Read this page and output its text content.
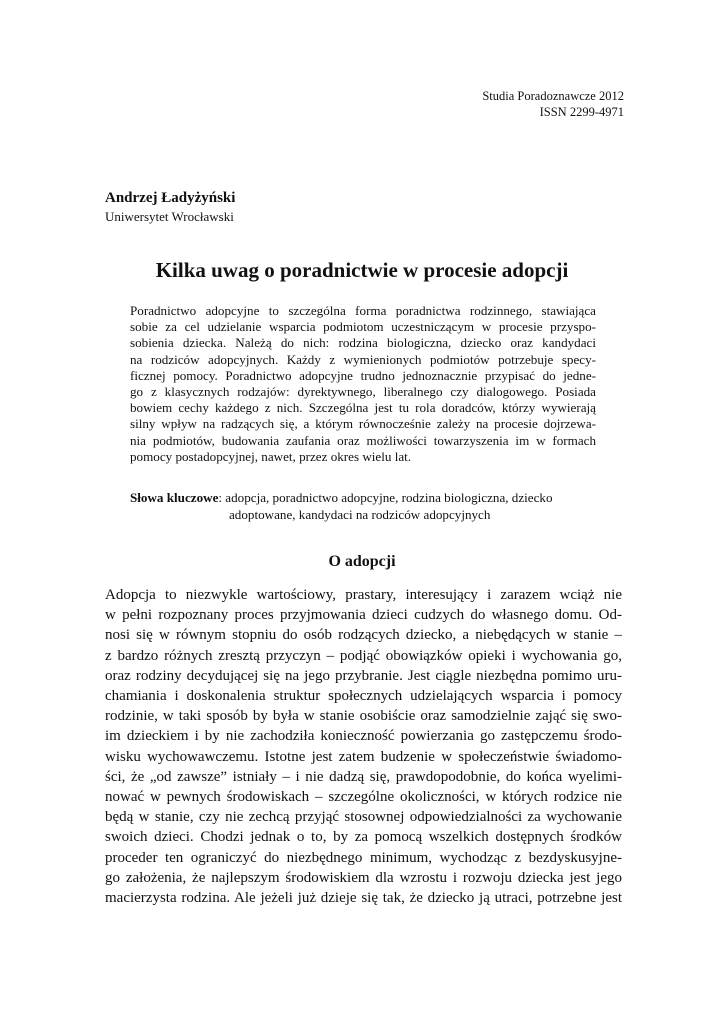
Studia Poradoznawcze 2012
ISSN 2299-4971
Andrzej Ładyżyński
Uniwersytet Wrocławski
Kilka uwag o poradnictwie w procesie adopcji
Poradnictwo adopcyjne to szczególna forma poradnictwa rodzinnego, stawiająca
sobie za cel udzielanie wsparcia podmiotom uczestniczącym w procesie przyspo-
sobienia dziecka. Należą do nich: rodzina biologiczna, dziecko oraz kandydaci
na rodziców adopcyjnych. Każdy z wymienionych podmiotów potrzebuje specy-
ficznej pomocy. Poradnictwo adopcyjne trudno jednoznacznie przypisać do jedne-
go z klasycznych rodzajów: dyrektywnego, liberalnego czy dialogowego. Posiada
bowiem cechy każdego z nich. Szczególna jest tu rola doradców, którzy wywierają
silny wpływ na radzących się, a którym równocześnie zależy na procesie dojrzewa-
nia podmiotów, budowania zaufania oraz możliwości towarzyszenia im w formach
pomocy postadopcyjnej, nawet, przez okres wielu lat.
Słowa kluczowe: adopcja, poradnictwo adopcyjne, rodzina biologiczna, dziecko
adoptowane, kandydaci na rodziców adopcyjnych
O adopcji
Adopcja to niezwykle wartościowy, prastary, interesujący i zarazem wciąż nie
w pełni rozpoznany proces przyjmowania dzieci cudzych do własnego domu. Od-
nosi się w równym stopniu do osób rodzących dziecko, a niebędących w stanie –
z bardzo różnych zresztą przyczyn – podjąć obowiązków opieki i wychowania go,
oraz rodziny decydującej się na jego przybranie. Jest ciągle niezbędna pomimo uru-
chamiania i doskonalenia struktur społecznych udzielających wsparcia i pomocy
rodzinie, w taki sposób by była w stanie osobiście oraz samodzielnie zająć się swo-
im dzieckiem i by nie zachodziła konieczność powierzania go zastępczemu środo-
wisku wychowawczemu. Istotne jest zatem budzenie w społeczeństwie świadomo-
ści, że „od zawsze” istniały – i nie dadzą się, prawdopodobnie, do końca wyelimi-
nować w pewnych środowiskach – szczególne okoliczności, w których rodzice nie
będą w stanie, czy nie zechcą przyjąć stosownej odpowiedzialności za wychowanie
swoich dzieci. Chodzi jednak o to, by za pomocą wszelkich dostępnych środków
proceder ten ograniczyć do niezbędnego minimum, wychodząc z bezdyskusyjne-
go założenia, że najlepszym środowiskiem dla wzrostu i rozwoju dziecka jest jego
macierzysta rodzina. Ale jeżeli już dzieje się tak, że dziecko ją utraci, potrzebne jest
